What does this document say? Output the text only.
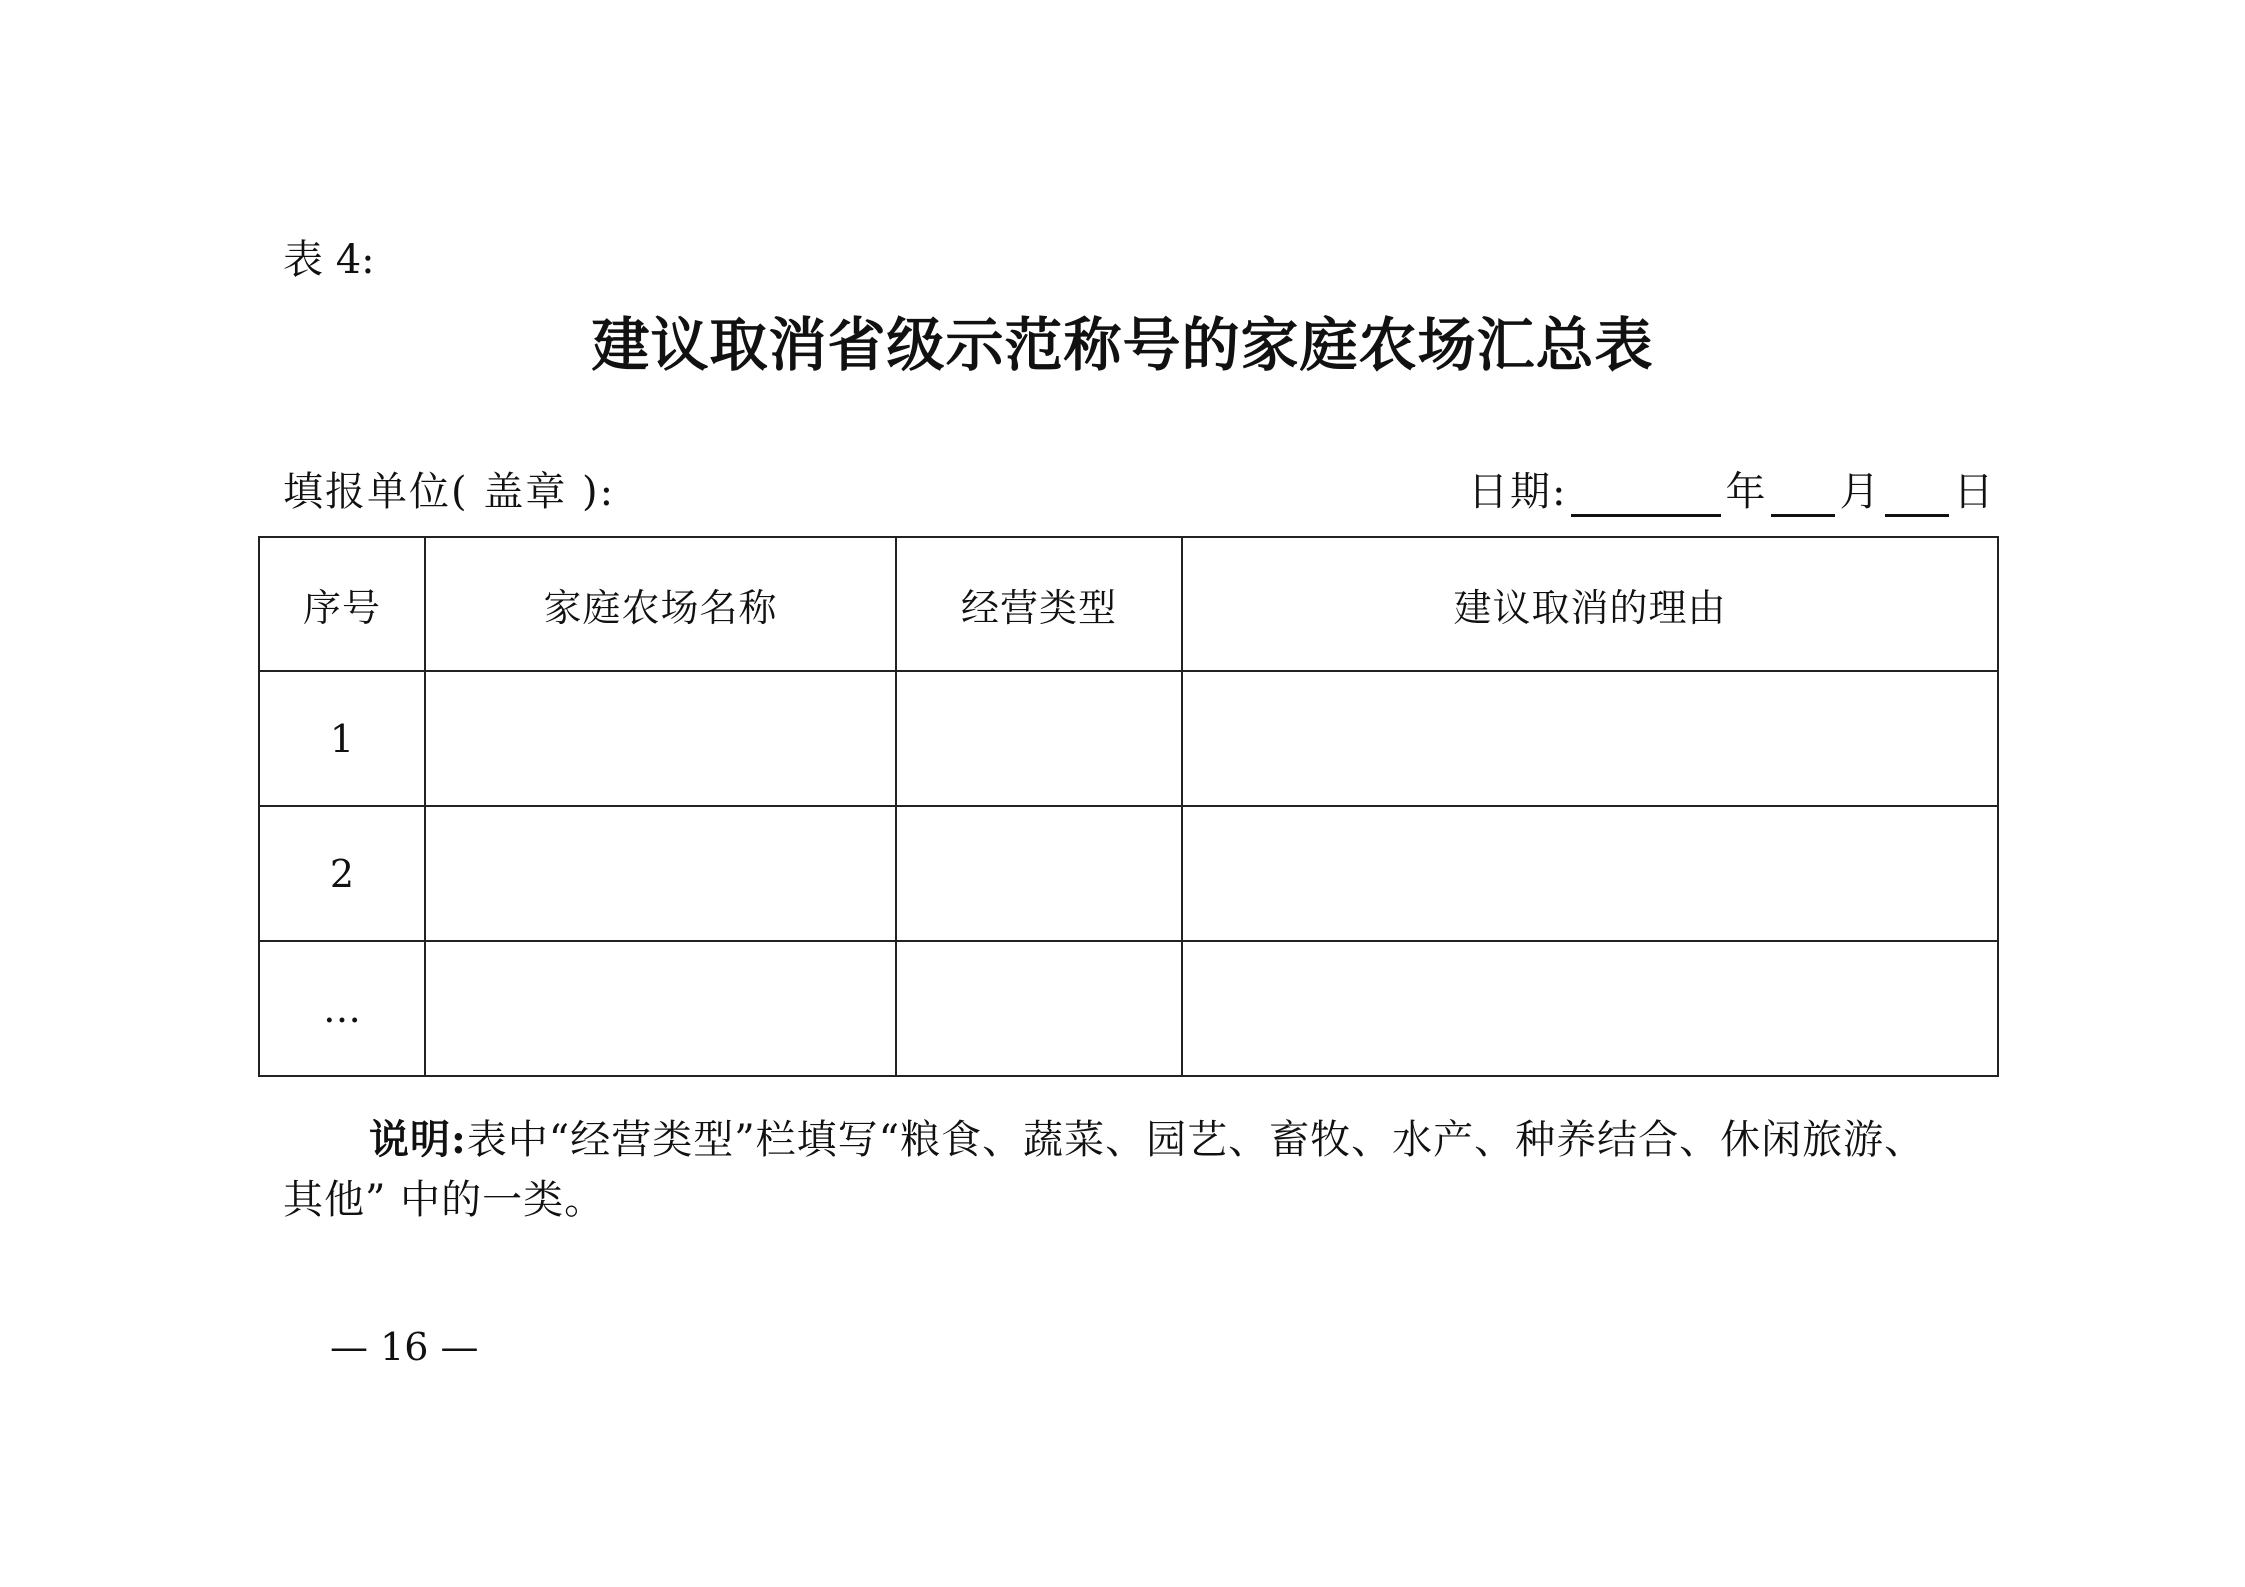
表 4:
建议取消省级示范称号的家庭农场汇总表
填报单位( 盖章 ):	日期:	年 月 日
序号	家庭农场名称	经营类型	建议取消的理由
1			
2			
…			
说明:表中“经营类型”栏填写“粮食、蔬菜、园艺、畜牧、水产、种养结合、休闲旅游、
其他” 中的一类。
— 16 —
